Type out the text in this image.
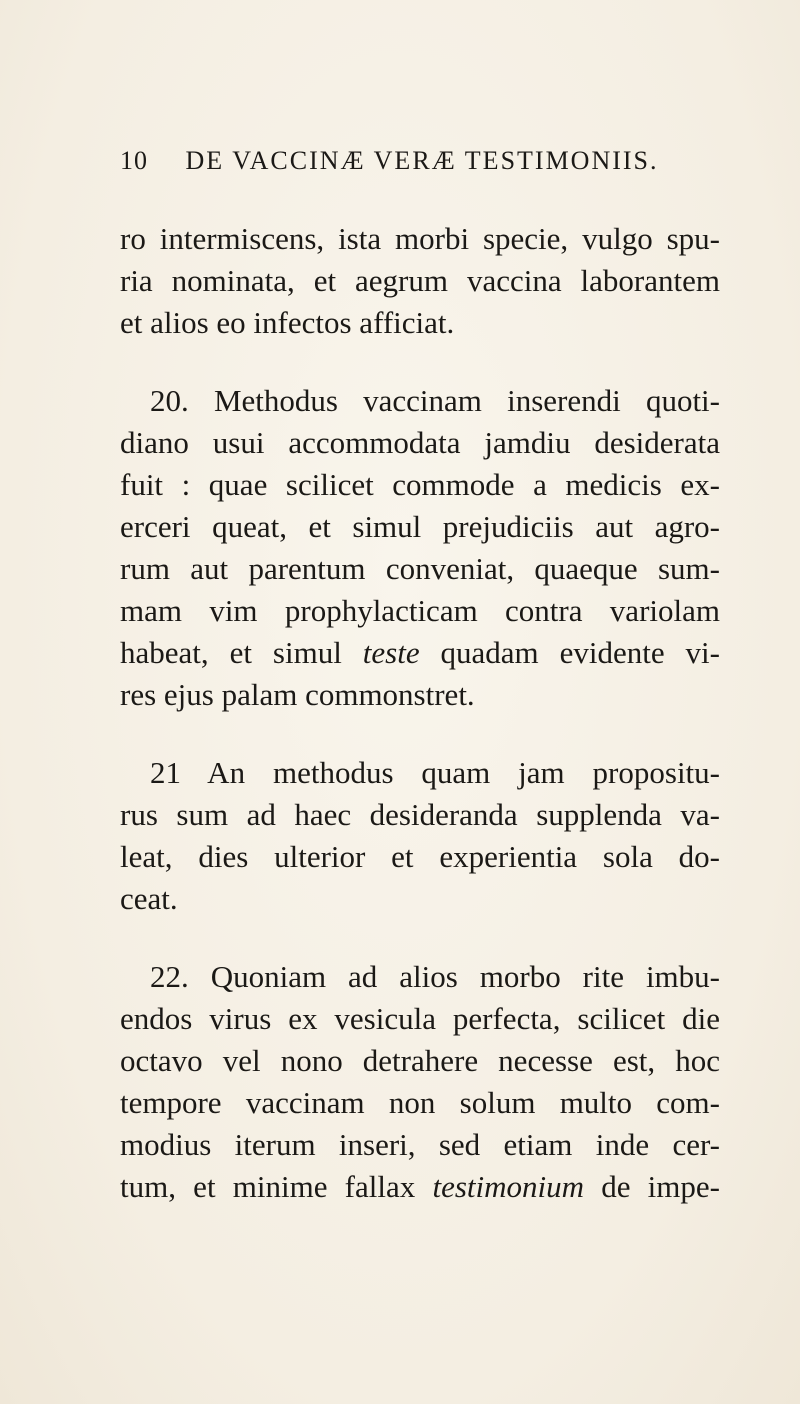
10 DE VACCINÆ VERÆ TESTIMONIIS.
ro intermiscens, ista morbi specie, vulgo spu-
ria nominata, et aegrum vaccina laborantem
et alios eo infectos afficiat.
20. Methodus vaccinam inserendi quoti-
diano usui accommodata jamdiu desiderata
fuit : quae scilicet commode a medicis ex-
erceri queat, et simul prejudiciis aut agro-
rum aut parentum conveniat, quaeque sum-
mam vim prophylacticam contra variolam
habeat, et simul teste quadam evidente vi-
res ejus palam commonstret.
21 An methodus quam jam propositu-
rus sum ad haec desideranda supplenda va-
leat, dies ulterior et experientia sola do-
ceat.
22. Quoniam ad alios morbo rite imbu-
endos virus ex vesicula perfecta, scilicet die
octavo vel nono detrahere necesse est, hoc
tempore vaccinam non solum multo com-
modius iterum inseri, sed etiam inde cer-
tum, et minime fallax testimonium de impe-
